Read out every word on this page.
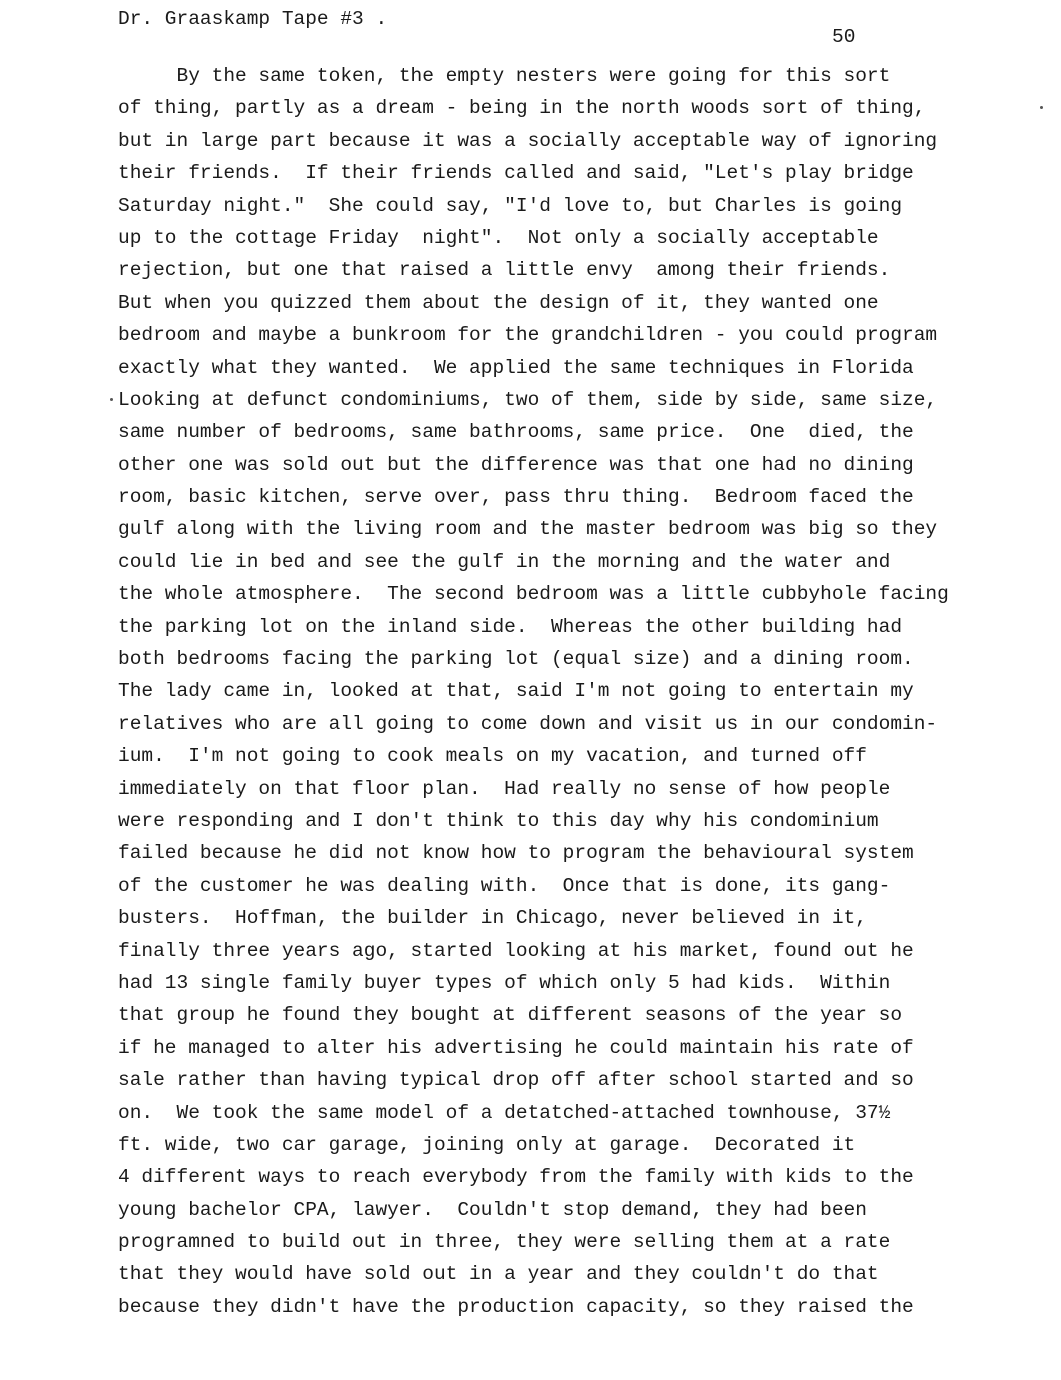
Dr. Graaskamp Tape #3 .
50
By the same token, the empty nesters were going for this sort
of thing, partly as a dream - being in the north woods sort of thing,
but in large part because it was a socially acceptable way of ignoring
their friends.  If their friends called and said, "Let's play bridge
Saturday night."  She could say, "I'd love to, but Charles is going
up to the cottage Friday  night".  Not only a socially acceptable
rejection, but one that raised a little envy  among their friends.
But when you quizzed them about the design of it, they wanted one
bedroom and maybe a bunkroom for the grandchildren - you could program
exactly what they wanted.  We applied the same techniques in Florida
Looking at defunct condominiums, two of them, side by side, same size,
same number of bedrooms, same bathrooms, same price.  One  died, the
other one was sold out but the difference was that one had no dining
room, basic kitchen, serve over, pass thru thing.  Bedroom faced the
gulf along with the living room and the master bedroom was big so they
could lie in bed and see the gulf in the morning and the water and
the whole atmosphere.  The second bedroom was a little cubbyhole facing
the parking lot on the inland side.  Whereas the other building had
both bedrooms facing the parking lot (equal size) and a dining room.
The lady came in, looked at that, said I'm not going to entertain my
relatives who are all going to come down and visit us in our condomin-
ium.  I'm not going to cook meals on my vacation, and turned off
immediately on that floor plan.  Had really no sense of how people
were responding and I don't think to this day why his condominium
failed because he did not know how to program the behavioural system
of the customer he was dealing with.  Once that is done, its gang-
busters.  Hoffman, the builder in Chicago, never believed in it,
finally three years ago, started looking at his market, found out he
had 13 single family buyer types of which only 5 had kids.  Within
that group he found they bought at different seasons of the year so
if he managed to alter his advertising he could maintain his rate of
sale rather than having typical drop off after school started and so
on.  We took the same model of a detatched-attached townhouse, 37½
ft. wide, two car garage, joining only at garage.  Decorated it
4 different ways to reach everybody from the family with kids to the
young bachelor CPA, lawyer.  Couldn't stop demand, they had been
programned to build out in three, they were selling them at a rate
that they would have sold out in a year and they couldn't do that
because they didn't have the production capacity, so they raised the
